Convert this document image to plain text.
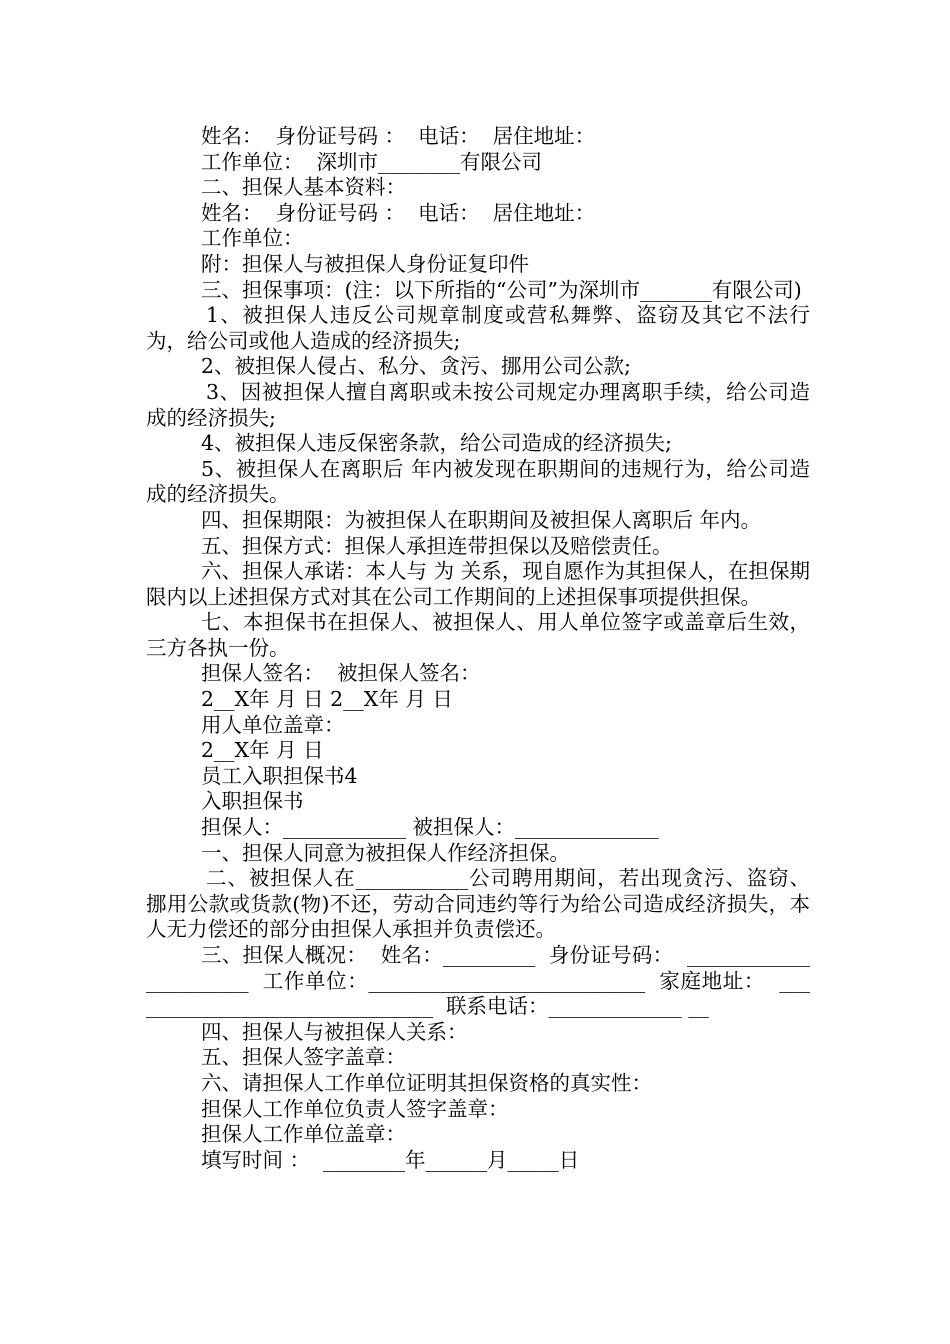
姓名：  身份证号码 ：  电话：  居住地址：

工作单位：  深圳市________有限公司

二、担保人基本资料：

姓名：  身份证号码 ：  电话：  居住地址：

工作单位：

附：担保人与被担保人身份证复印件

三、担保事项：(注：以下所指的“公司”为深圳市_______有限公司)

1、被担保人违反公司规章制度或营私舞弊、盗窃及其它不法行为，给公司或他人造成的经济损失;

2、被担保人侵占、私分、贪污、挪用公司公款;

3、因被担保人擅自离职或未按公司规定办理离职手续，给公司造成的经济损失;

4、被担保人违反保密条款，给公司造成的经济损失;

5、被担保人在离职后 年内被发现在职期间的违规行为，给公司造成的经济损失。

四、担保期限：为被担保人在职期间及被担保人离职后 年内。

五、担保方式：担保人承担连带担保以及赔偿责任。

六、担保人承诺：本人与 为 关系，现自愿作为其担保人，在担保期限内以上述担保方式对其在公司工作期间的上述担保事项提供担保。

七、本担保书在担保人、被担保人、用人单位签字或盖章后生效，三方各执一份。

担保人签名：  被担保人签名：

2__X年 月 日 2__X年 月 日

用人单位盖章：

2__X年 月 日

员工入职担保书4

入职担保书

担保人：____________ 被担保人：______________

一、担保人同意为被担保人作经济担保。

二、被担保人在___________公司聘用期间，若出现贪污、盗窃、挪用公款或货款(物)不还，劳动合同违约等行为给公司造成经济损失，本人无力偿还的部分由担保人承担并负责偿还。

三、担保人概况：  姓名：_________  身份证号码：  ______________________  工作单位：___________________________  家庭地址：  _______________________________  联系电话：_____________ __

四、担保人与被担保人关系：

五、担保人签字盖章：

六、请担保人工作单位证明其担保资格的真实性：

担保人工作单位负责人签字盖章：

担保人工作单位盖章：

填写时间 ：  ________年______月_____日
